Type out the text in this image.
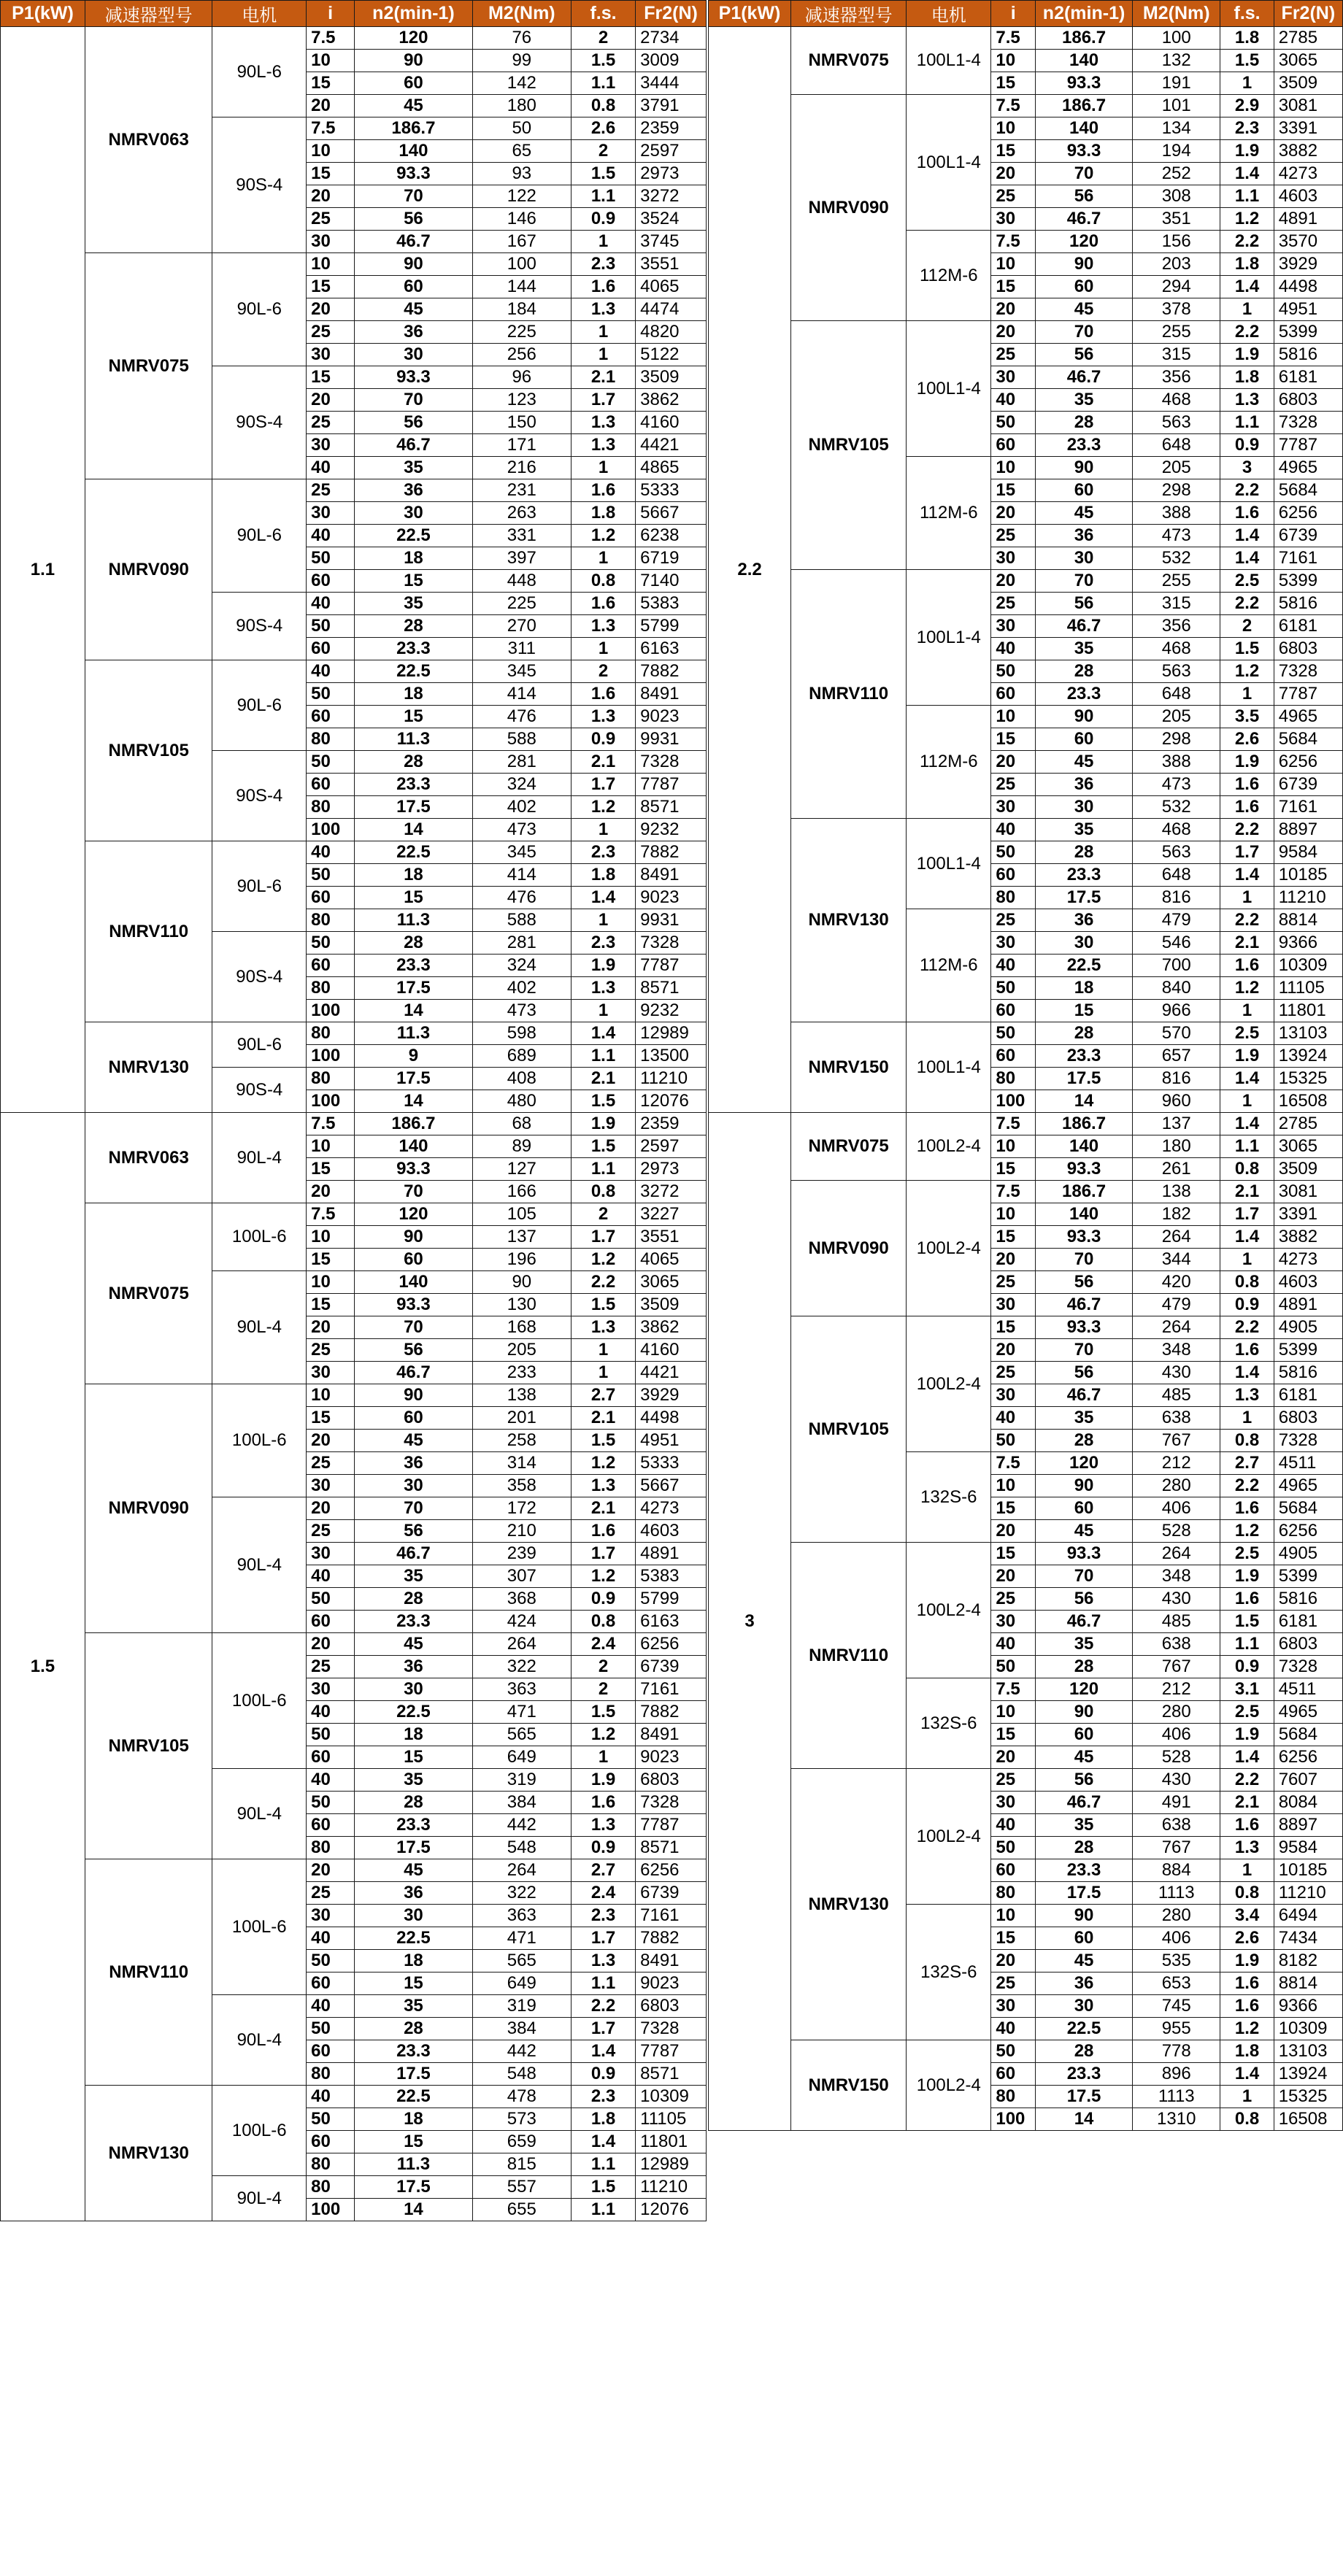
P1(kW)	减速器型号	电机	i	n2(min-1)	M2(Nm)	f.s.	Fr2(N)
1.1	NMRV063	90L-6	7.5	120	76	2	2734
			10	90	99	1.5	3009
			15	60	142	1.1	3444
			20	45	180	0.8	3791
		90S-4	7.5	186.7	50	2.6	2359
			10	140	65	2	2597
			15	93.3	93	1.5	2973
			20	70	122	1.1	3272
			25	56	146	0.9	3524
			30	46.7	167	1	3745
	NMRV075	90L-6	10	90	100	2.3	3551
			15	60	144	1.6	4065
			20	45	184	1.3	4474
			25	36	225	1	4820
			30	30	256	1	5122
		90S-4	15	93.3	96	2.1	3509
			20	70	123	1.7	3862
			25	56	150	1.3	4160
			30	46.7	171	1.3	4421
			40	35	216	1	4865
	NMRV090	90L-6	25	36	231	1.6	5333
			30	30	263	1.8	5667
			40	22.5	331	1.2	6238
			50	18	397	1	6719
			60	15	448	0.8	7140
		90S-4	40	35	225	1.6	5383
			50	28	270	1.3	5799
			60	23.3	311	1	6163
	NMRV105	90L-6	40	22.5	345	2	7882
			50	18	414	1.6	8491
			60	15	476	1.3	9023
			80	11.3	588	0.9	9931
		90S-4	50	28	281	2.1	7328
			60	23.3	324	1.7	7787
			80	17.5	402	1.2	8571
			100	14	473	1	9232
	NMRV110	90L-6	40	22.5	345	2.3	7882
			50	18	414	1.8	8491
			60	15	476	1.4	9023
			80	11.3	588	1	9931
		90S-4	50	28	281	2.3	7328
			60	23.3	324	1.9	7787
			80	17.5	402	1.3	8571
			100	14	473	1	9232
	NMRV130	90L-6	80	11.3	598	1.4	12989
			100	9	689	1.1	13500
		90S-4	80	17.5	408	2.1	11210
			100	14	480	1.5	12076
1.5	NMRV063	90L-4	7.5	186.7	68	1.9	2359
			10	140	89	1.5	2597
			15	93.3	127	1.1	2973
			20	70	166	0.8	3272
	NMRV075	100L-6	7.5	120	105	2	3227
			10	90	137	1.7	3551
			15	60	196	1.2	4065
		90L-4	10	140	90	2.2	3065
			15	93.3	130	1.5	3509
			20	70	168	1.3	3862
			25	56	205	1	4160
			30	46.7	233	1	4421
	NMRV090	100L-6	10	90	138	2.7	3929
			15	60	201	2.1	4498
			20	45	258	1.5	4951
			25	36	314	1.2	5333
			30	30	358	1.3	5667
		90L-4	20	70	172	2.1	4273
			25	56	210	1.6	4603
			30	46.7	239	1.7	4891
			40	35	307	1.2	5383
			50	28	368	0.9	5799
			60	23.3	424	0.8	6163
	NMRV105	100L-6	20	45	264	2.4	6256
			25	36	322	2	6739
			30	30	363	2	7161
			40	22.5	471	1.5	7882
			50	18	565	1.2	8491
			60	15	649	1	9023
		90L-4	40	35	319	1.9	6803
			50	28	384	1.6	7328
			60	23.3	442	1.3	7787
			80	17.5	548	0.9	8571
	NMRV110	100L-6	20	45	264	2.7	6256
			25	36	322	2.4	6739
			30	30	363	2.3	7161
			40	22.5	471	1.7	7882
			50	18	565	1.3	8491
			60	15	649	1.1	9023
		90L-4	40	35	319	2.2	6803
			50	28	384	1.7	7328
			60	23.3	442	1.4	7787
			80	17.5	548	0.9	8571
	NMRV130	100L-6	40	22.5	478	2.3	10309
			50	18	573	1.8	11105
			60	15	659	1.4	11801
			80	11.3	815	1.1	12989
		90L-4	80	17.5	557	1.5	11210
			100	14	655	1.1	12076
P1(kW)	减速器型号	电机	i	n2(min-1)	M2(Nm)	f.s.	Fr2(N)
2.2	NMRV075	100L1-4	7.5	186.7	100	1.8	2785
			10	140	132	1.5	3065
			15	93.3	191	1	3509
	NMRV090	100L1-4	7.5	186.7	101	2.9	3081
			10	140	134	2.3	3391
			15	93.3	194	1.9	3882
			20	70	252	1.4	4273
			25	56	308	1.1	4603
			30	46.7	351	1.2	4891
		112M-6	7.5	120	156	2.2	3570
			10	90	203	1.8	3929
			15	60	294	1.4	4498
			20	45	378	1	4951
	NMRV105	100L1-4	20	70	255	2.2	5399
			25	56	315	1.9	5816
			30	46.7	356	1.8	6181
			40	35	468	1.3	6803
			50	28	563	1.1	7328
			60	23.3	648	0.9	7787
		112M-6	10	90	205	3	4965
			15	60	298	2.2	5684
			20	45	388	1.6	6256
			25	36	473	1.4	6739
			30	30	532	1.4	7161
	NMRV110	100L1-4	20	70	255	2.5	5399
			25	56	315	2.2	5816
			30	46.7	356	2	6181
			40	35	468	1.5	6803
			50	28	563	1.2	7328
			60	23.3	648	1	7787
		112M-6	10	90	205	3.5	4965
			15	60	298	2.6	5684
			20	45	388	1.9	6256
			25	36	473	1.6	6739
			30	30	532	1.6	7161
	NMRV130	100L1-4	40	35	468	2.2	8897
			50	28	563	1.7	9584
			60	23.3	648	1.4	10185
			80	17.5	816	1	11210
		112M-6	25	36	479	2.2	8814
			30	30	546	2.1	9366
			40	22.5	700	1.6	10309
			50	18	840	1.2	11105
			60	15	966	1	11801
	NMRV150	100L1-4	50	28	570	2.5	13103
			60	23.3	657	1.9	13924
			80	17.5	816	1.4	15325
			100	14	960	1	16508
3	NMRV075	100L2-4	7.5	186.7	137	1.4	2785
			10	140	180	1.1	3065
			15	93.3	261	0.8	3509
	NMRV090	100L2-4	7.5	186.7	138	2.1	3081
			10	140	182	1.7	3391
			15	93.3	264	1.4	3882
			20	70	344	1	4273
			25	56	420	0.8	4603
			30	46.7	479	0.9	4891
	NMRV105	100L2-4	15	93.3	264	2.2	4905
			20	70	348	1.6	5399
			25	56	430	1.4	5816
			30	46.7	485	1.3	6181
			40	35	638	1	6803
			50	28	767	0.8	7328
		132S-6	7.5	120	212	2.7	4511
			10	90	280	2.2	4965
			15	60	406	1.6	5684
			20	45	528	1.2	6256
	NMRV110	100L2-4	15	93.3	264	2.5	4905
			20	70	348	1.9	5399
			25	56	430	1.6	5816
			30	46.7	485	1.5	6181
			40	35	638	1.1	6803
			50	28	767	0.9	7328
		132S-6	7.5	120	212	3.1	4511
			10	90	280	2.5	4965
			15	60	406	1.9	5684
			20	45	528	1.4	6256
	NMRV130	100L2-4	25	56	430	2.2	7607
			30	46.7	491	2.1	8084
			40	35	638	1.6	8897
			50	28	767	1.3	9584
			60	23.3	884	1	10185
			80	17.5	1113	0.8	11210
		132S-6	10	90	280	3.4	6494
			15	60	406	2.6	7434
			20	45	535	1.9	8182
			25	36	653	1.6	8814
			30	30	745	1.6	9366
			40	22.5	955	1.2	10309
	NMRV150	100L2-4	50	28	778	1.8	13103
			60	23.3	896	1.4	13924
			80	17.5	1113	1	15325
			100	14	1310	0.8	16508
